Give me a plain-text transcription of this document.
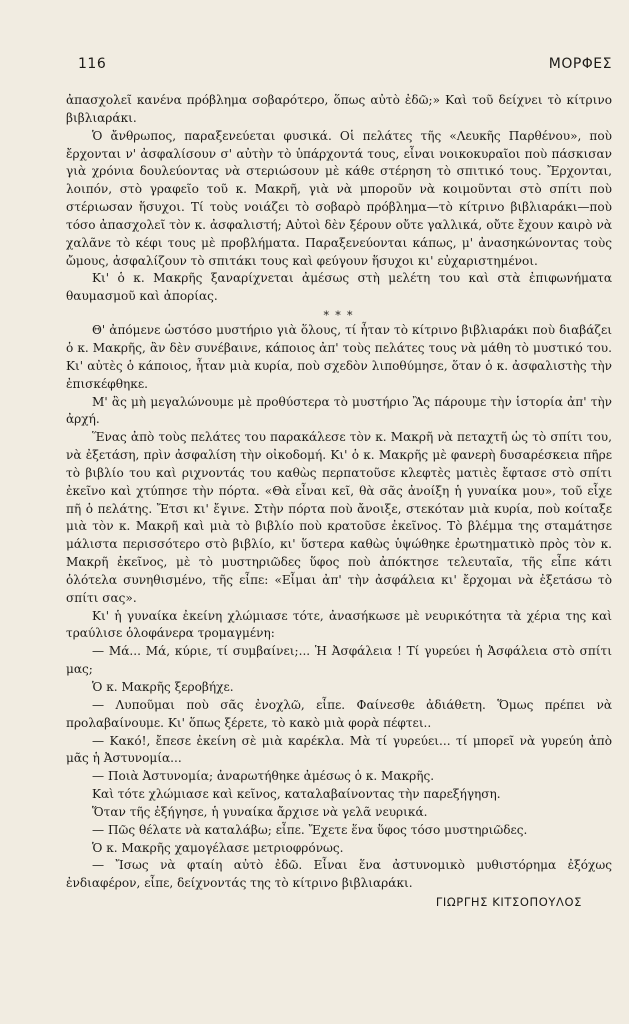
116	ΜΟΡΦΕΣ

ἀπασχολεῖ κανένα πρόβλημα σοβαρότερο, ὅπως αὐτὸ ἐδῶ;» Καὶ τοῦ δείχνει τὸ κίτρινο βιβλιαράκι.

Ὁ ἄνθρωπος, παραξενεύεται φυσικά. Οἱ πελάτες τῆς «Λευκῆς Παρθένου», ποὺ ἔρχονται ν' ἀσφαλίσουν σ' αὐτὴν τὸ ὑπάρχοντά τους, εἶναι νοικοκυραῖοι ποὺ πάσκισαν γιὰ χρόνια δουλεύοντας νὰ στεριώσουν μὲ κάθε στέρηση τὸ σπιτικό τους. Ἔρχονται, λοιπόν, στὸ γραφεῖο τοῦ κ. Μακρῆ, γιὰ νὰ μποροῦν νὰ κοιμοῦνται στὸ σπίτι ποὺ στέριωσαν ἥσυχοι. Τί τοὺς νοιάζει τὸ σοβαρὸ πρόβλημα—τὸ κίτρινο βιβλιαράκι—ποὺ τόσο ἀπασχολεῖ τὸν κ. ἀσφαλιστή; Αὐτοὶ δὲν ξέρουν οὔτε γαλλικά, οὔτε ἔχουν καιρὸ νὰ χαλᾶνε τὸ κέφι τους μὲ προβλήματα. Παραξενεύονται κάπως, μ' ἀνασηκώνοντας τοὺς ὤμους, ἀσφαλίζουν τὸ σπιτάκι τους καὶ φεύγουν ἥσυχοι κι' εὐχαριστημένοι.

Κι' ὁ κ. Μακρῆς ξαναρίχνεται ἀμέσως στὴ μελέτη του καὶ στὰ ἐπιφωνήματα θαυμασμοῦ καὶ ἀπορίας.

* * *

Θ' ἀπόμενε ὡστόσο μυστήριο γιὰ ὅλους, τί ἦταν τὸ κίτρινο βιβλιαράκι ποὺ διαβάζει ὁ κ. Μακρῆς, ἂν δὲν συνέβαινε, κάποιος ἀπ' τοὺς πελάτες τους νὰ μάθη τὸ μυστικό του. Κι' αὐτὲς ὁ κάποιος, ἦταν μιὰ κυρία, ποὺ σχεδὸν λιποθύμησε, ὅταν ὁ κ. ἀσφαλιστὴς τὴν ἐπισκέφθηκε.

Μ' ἂς μὴ μεγαλώνουμε μὲ προθύστερα τὸ μυστήριο Ἂς πάρουμε τὴν ἱστορία ἀπ' τὴν ἀρχή.

Ἕνας ἀπὸ τοὺς πελάτες του παρακάλεσε τὸν κ. Μακρῆ νὰ πεταχτῆ ὡς τὸ σπίτι του, νὰ ἐξετάση, πρὶν ἀσφαλίση τὴν οἰκοδομή. Κι' ὁ κ. Μακρῆς μὲ φανερὴ δυσαρέσκεια πῆρε τὸ βιβλίο του καὶ ριχνοντάς του καθὼς περπατοῦσε κλεφτὲς ματιὲς ἔφτασε στὸ σπίτι ἐκεῖνο καὶ χτύπησε τὴν πόρτα. «Θὰ εἶναι κεῖ, θὰ σᾶς ἀνοίξη ἡ γυναίκα μου», τοῦ εἶχε πῆ ὁ πελάτης. Ἔτσι κι' ἔγινε. Στὴν πόρτα ποὺ ἄνοιξε, στεκόταν μιὰ κυρία, ποὺ κοίταξε μιὰ τὸν κ. Μακρῆ καὶ μιὰ τὸ βιβλίο ποὺ κρατοῦσε ἐκεῖνος. Τὸ βλέμμα της σταμάτησε μάλιστα περισσότερο στὸ βιβλίο, κι' ὕστερα καθὼς ὑψώθηκε ἐρωτηματικὸ πρὸς τὸν κ. Μακρῆ ἐκεῖνος, μὲ τὸ μυστηριῶδες ὕφος ποὺ ἀπόκτησε τελευταῖα, τῆς εἶπε κάτι ὁλότελα συνηθισμένο, τῆς εἶπε: «Εἶμαι ἀπ' τὴν ἀσφάλεια κι' ἔρχομαι νὰ ἐξετάσω τὸ σπίτι σας».

Κι' ἡ γυναίκα ἐκείνη χλώμιασε τότε, ἀνασήκωσε μὲ νευρικότητα τὰ χέρια της καὶ τραύλισε ὁλοφάνερα τρομαγμένη:

— Μά... Μά, κύριε, τί συμβαίνει;... Ἡ Ἀσφάλεια ! Τί γυρεύει ἡ Ἀσφάλεια στὸ σπίτι μας;

Ὁ κ. Μακρῆς ξεροβήχε.

— Λυποῦμαι ποὺ σᾶς ἐνοχλῶ, εἶπε. Φαίνεσθε ἀδιάθετη. Ὅμως πρέπει νὰ προλαβαίνουμε. Κι' ὅπως ξέρετε, τὸ κακὸ μιὰ φορὰ πέφτει..

— Κακό!, ἔπεσε ἐκείνη σὲ μιὰ καρέκλα. Μὰ τί γυρεύει... τί μπορεῖ νὰ γυρεύη ἀπὸ μᾶς ἡ Ἀστυνομία...

— Ποιὰ Ἀστυνομία; ἀναρωτήθηκε ἀμέσως ὁ κ. Μακρῆς.

Καὶ τότε χλώμιασε καὶ κεῖνος, καταλαβαίνοντας τὴν παρεξήγηση.

Ὅταν τῆς ἐξήγησε, ἡ γυναίκα ἄρχισε νὰ γελᾶ νευρικά.

— Πῶς θέλατε νὰ καταλάβω; εἶπε. Ἔχετε ἕνα ὕφος τόσο μυστηριῶδες.

Ὁ κ. Μακρῆς χαμογέλασε μετριοφρόνως.

— Ἴσως νὰ φταίη αὐτὸ ἐδῶ. Εἶναι ἕνα ἀστυνομικὸ μυθιστόρημα ἐξόχως ἐνδιαφέρον, εἶπε, δείχνοντάς της τὸ κίτρινο βιβλιαράκι.

ΓΙΩΡΓΗΣ ΚΙΤΣΟΠΟΥΛΟΣ
